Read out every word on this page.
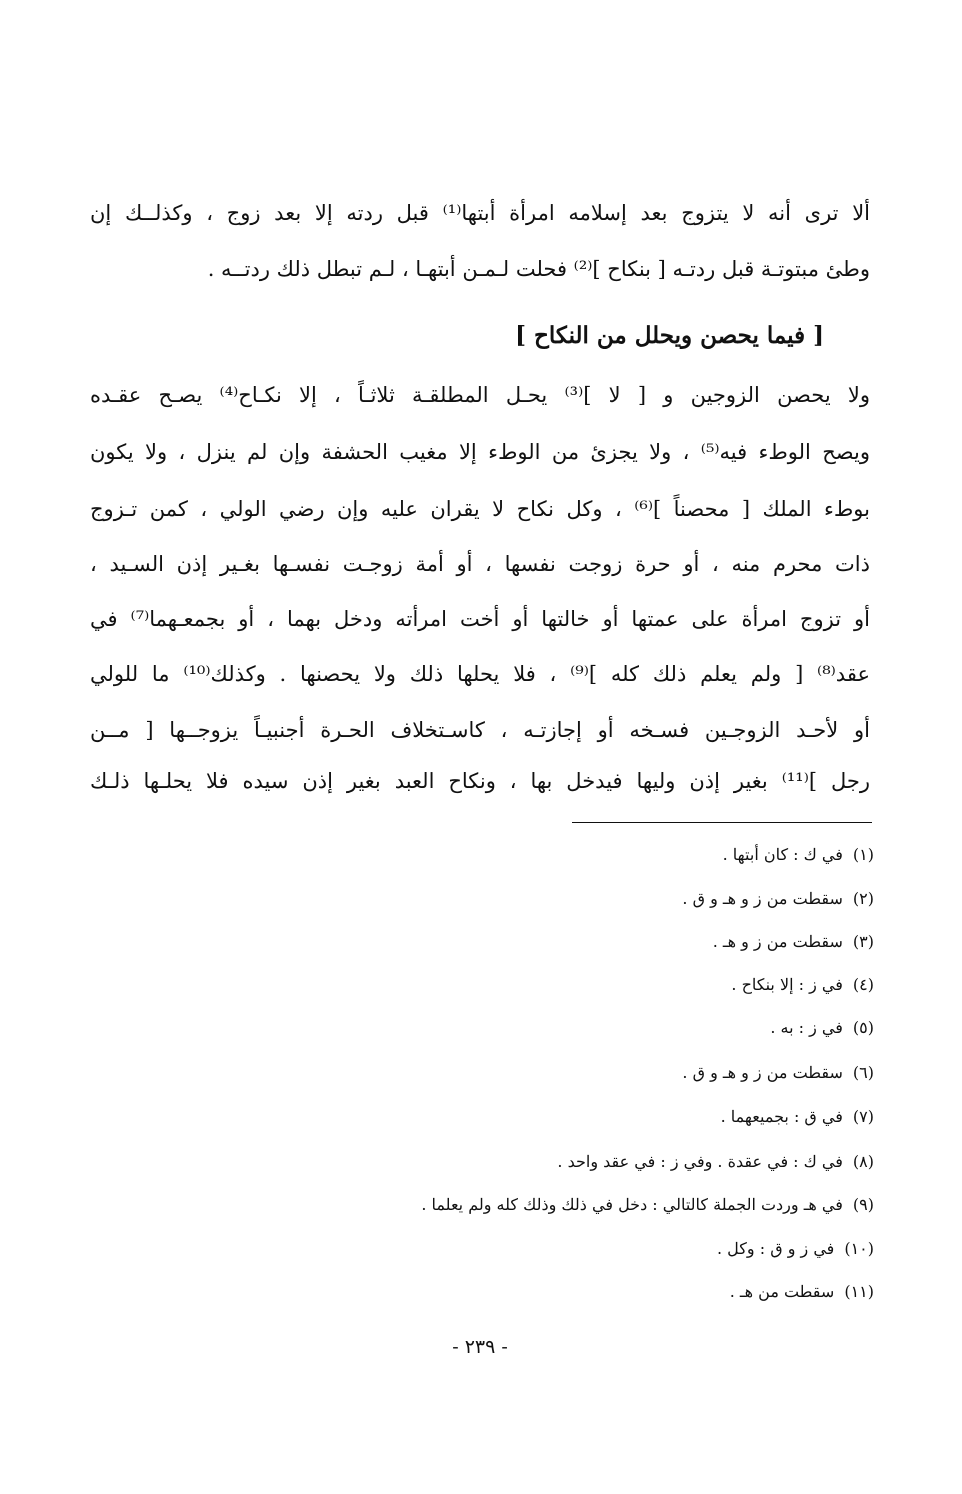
ألا ترى أنه لا يتزوج بعد إسلامه امرأة أبتها⁽¹⁾ قبل ردته إلا بعد زوج ، وكذلــك إن
وطئ مبتوتـة قبل ردتـه [ بنكاح ]⁽²⁾ فحلت لـمـن أبتهـا ، لـم تبطل ذلك ردتــه .
[ فيما يحصن ويحلل من النكاح ]
ولا يحصن الزوجين و [ لا ]⁽³⁾ يحـل المطلقـة ثلاثـاً ، إلا نكـاح⁽⁴⁾ يصـح عقـده
ويصح الوطء فيه⁽⁵⁾ ، ولا يجزئ من الوطء إلا مغيب الحشفة وإن لم ينزل ، ولا يكون
بوطء الملك [ محصناً ]⁽⁶⁾ ، وكل نكاح لا يقران عليه وإن رضي الولي ، كمن تـزوج
ذات محرم منه ، أو حرة زوجت نفسها ، أو أمة زوجـت نفسـها بغـير إذن السـيد ،
أو تزوج امرأة على عمتها أو خالتها أو أخت امرأته ودخل بهما ، أو بجمعـهما⁽⁷⁾ في
عقد⁽⁸⁾ [ ولم يعلم ذلك كله ]⁽⁹⁾ ، فلا يحلها ذلك ولا يحصنها . وكذلك⁽¹⁰⁾ ما للولي
أو لأحـد الزوجـين فسـخه أو إجازتـه ، كاسـتخلاف الحـرة أجنبيـاً يزوجــها [ مــن
رجل ]⁽¹¹⁾ بغير إذن وليها فيدخل بها ، ونكاح العبد بغير إذن سيده فلا يحلـها ذلـك
(١)في ك : كان أبتها .
(٢)سقطت من ز و هـ و ق .
(٣)سقطت من ز و هـ .
(٤)في ز : إلا بنكاح .
(٥)في ز : به .
(٦)سقطت من ز و هـ و ق .
(٧)في ق : بجميعهما .
(٨)في ك : في عقدة . وفي ز : في عقد واحد .
(٩)في هـ وردت الجملة كالتالي : دخل في ذلك وذلك كله ولم يعلما .
(١٠)في ز و ق : وكل .
(١١)سقطت من هـ .
- ٢٣٩ -
